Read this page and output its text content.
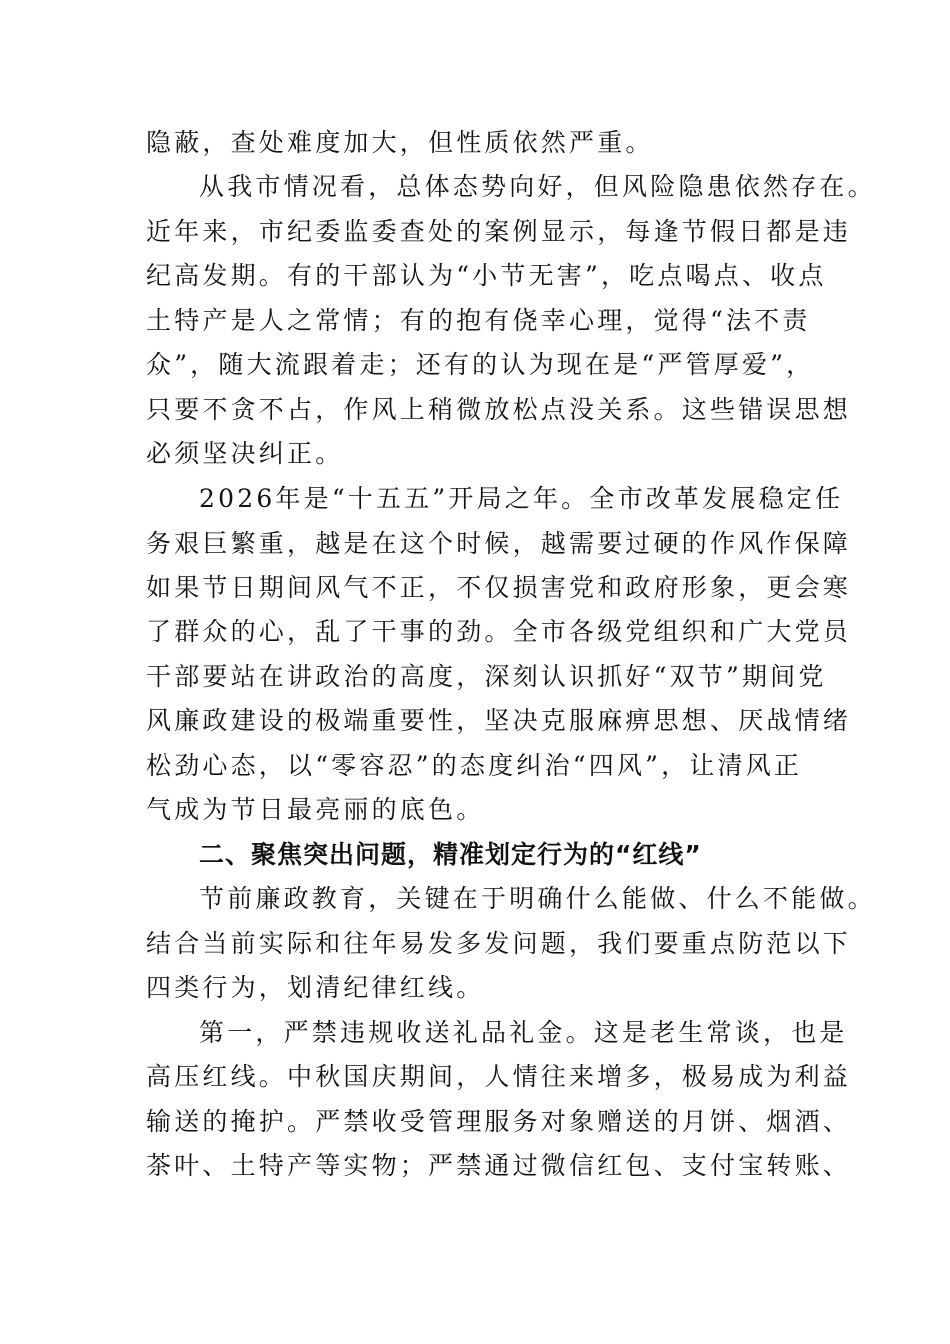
隐蔽，查处难度加大，但性质依然严重。
从我市情况看，总体态势向好，但风险隐患依然存在。
近年来，市纪委监委查处的案例显示，每逢节假日都是违
纪高发期。有的干部认为“小节无害”，吃点喝点、收点
土特产是人之常情；有的抱有侥幸心理，觉得“法不责
众”，随大流跟着走；还有的认为现在是“严管厚爱”，
只要不贪不占，作风上稍微放松点没关系。这些错误思想
必须坚决纠正。
2026年是“十五五”开局之年。全市改革发展稳定任
务艰巨繁重，越是在这个时候，越需要过硬的作风作保障
如果节日期间风气不正，不仅损害党和政府形象，更会寒
了群众的心，乱了干事的劲。全市各级党组织和广大党员
干部要站在讲政治的高度，深刻认识抓好“双节”期间党
风廉政建设的极端重要性，坚决克服麻痹思想、厌战情绪
松劲心态，以“零容忍”的态度纠治“四风”，让清风正
气成为节日最亮丽的底色。
二、聚焦突出问题，精准划定行为的“红线”
节前廉政教育，关键在于明确什么能做、什么不能做。
结合当前实际和往年易发多发问题，我们要重点防范以下
四类行为，划清纪律红线。
第一，严禁违规收送礼品礼金。这是老生常谈，也是
高压红线。中秋国庆期间，人情往来增多，极易成为利益
输送的掩护。严禁收受管理服务对象赠送的月饼、烟酒、
茶叶、土特产等实物；严禁通过微信红包、支付宝转账、
